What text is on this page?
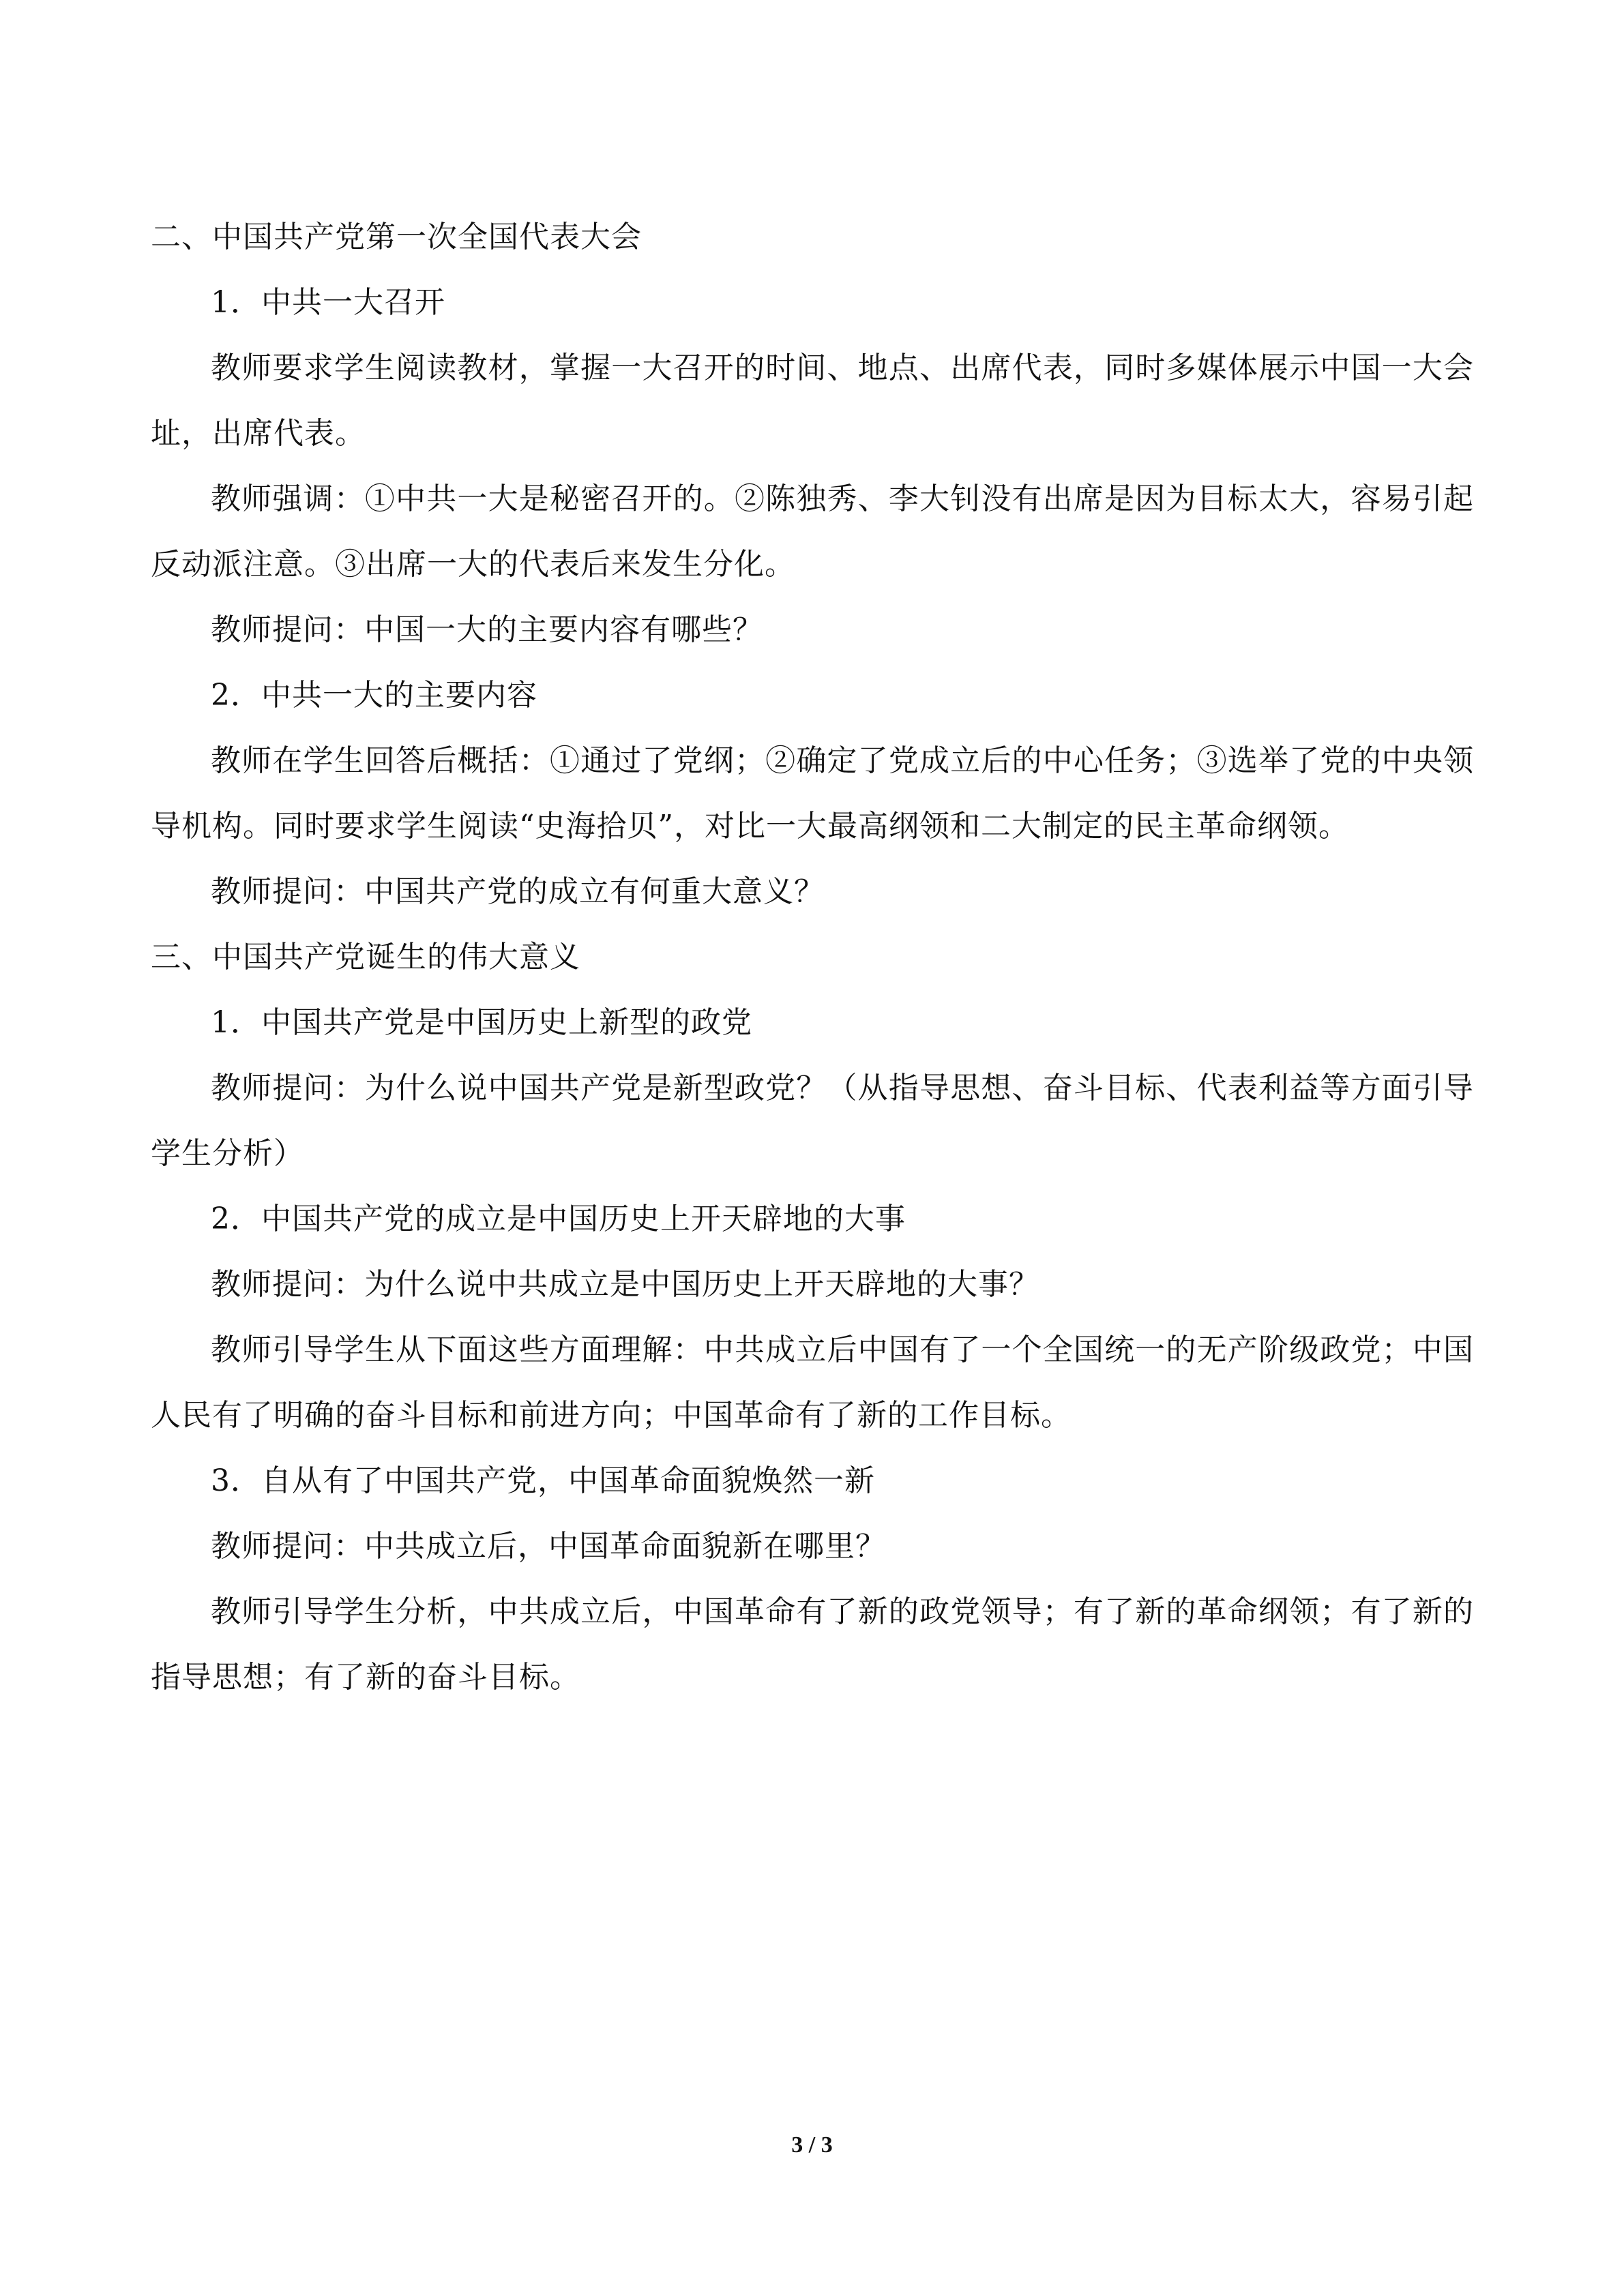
二、中国共产党第一次全国代表大会

1．中共一大召开

教师要求学生阅读教材，掌握一大召开的时间、地点、出席代表，同时多媒体展示中国一大会址，出席代表。

教师强调：①中共一大是秘密召开的。②陈独秀、李大钊没有出席是因为目标太大，容易引起反动派注意。③出席一大的代表后来发生分化。

教师提问：中国一大的主要内容有哪些？

2．中共一大的主要内容

教师在学生回答后概括：①通过了党纲；②确定了党成立后的中心任务；③选举了党的中央领导机构。同时要求学生阅读“史海拾贝”，对比一大最高纲领和二大制定的民主革命纲领。

教师提问：中国共产党的成立有何重大意义？

三、中国共产党诞生的伟大意义

1．中国共产党是中国历史上新型的政党

教师提问：为什么说中国共产党是新型政党？（从指导思想、奋斗目标、代表利益等方面引导学生分析）

2．中国共产党的成立是中国历史上开天辟地的大事

教师提问：为什么说中共成立是中国历史上开天辟地的大事？

教师引导学生从下面这些方面理解：中共成立后中国有了一个全国统一的无产阶级政党；中国人民有了明确的奋斗目标和前进方向；中国革命有了新的工作目标。

3．自从有了中国共产党，中国革命面貌焕然一新

教师提问：中共成立后，中国革命面貌新在哪里？

教师引导学生分析，中共成立后，中国革命有了新的政党领导；有了新的革命纲领；有了新的指导思想；有了新的奋斗目标。

3 / 3
